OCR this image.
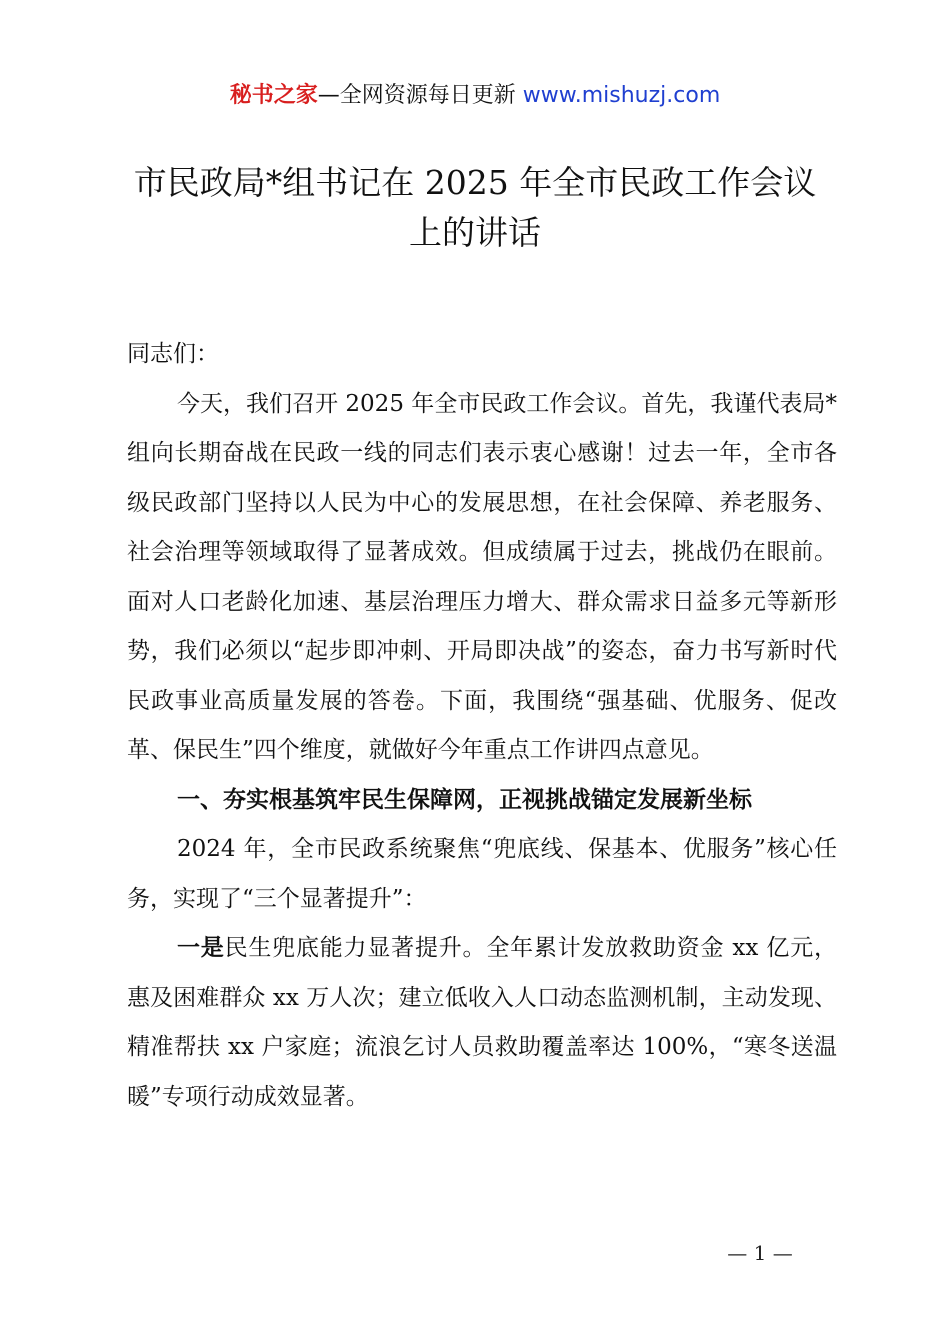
秘书之家—全网资源每日更新 www.mishuzj.com
市民政局*组书记在 2025 年全市民政工作会议
上的讲话

同志们：

今天，我们召开 2025 年全市民政工作会议。首先，我谨代表局*组向长期奋战在民政一线的同志们表示衷心感谢！过去一年，全市各级民政部门坚持以人民为中心的发展思想，在社会保障、养老服务、社会治理等领域取得了显著成效。但成绩属于过去，挑战仍在眼前。面对人口老龄化加速、基层治理压力增大、群众需求日益多元等新形势，我们必须以“起步即冲刺、开局即决战”的姿态，奋力书写新时代民政事业高质量发展的答卷。下面，我围绕“强基础、优服务、促改革、保民生”四个维度，就做好今年重点工作讲四点意见。

一、夯实根基筑牢民生保障网，正视挑战锚定发展新坐标

2024 年，全市民政系统聚焦“兜底线、保基本、优服务”核心任务，实现了“三个显著提升”：

一是民生兜底能力显著提升。全年累计发放救助资金 xx 亿元，惠及困难群众 xx 万人次；建立低收入人口动态监测机制，主动发现、精准帮扶 xx 户家庭；流浪乞讨人员救助覆盖率达 100%，“寒冬送温暖”专项行动成效显著。

— 1 —
